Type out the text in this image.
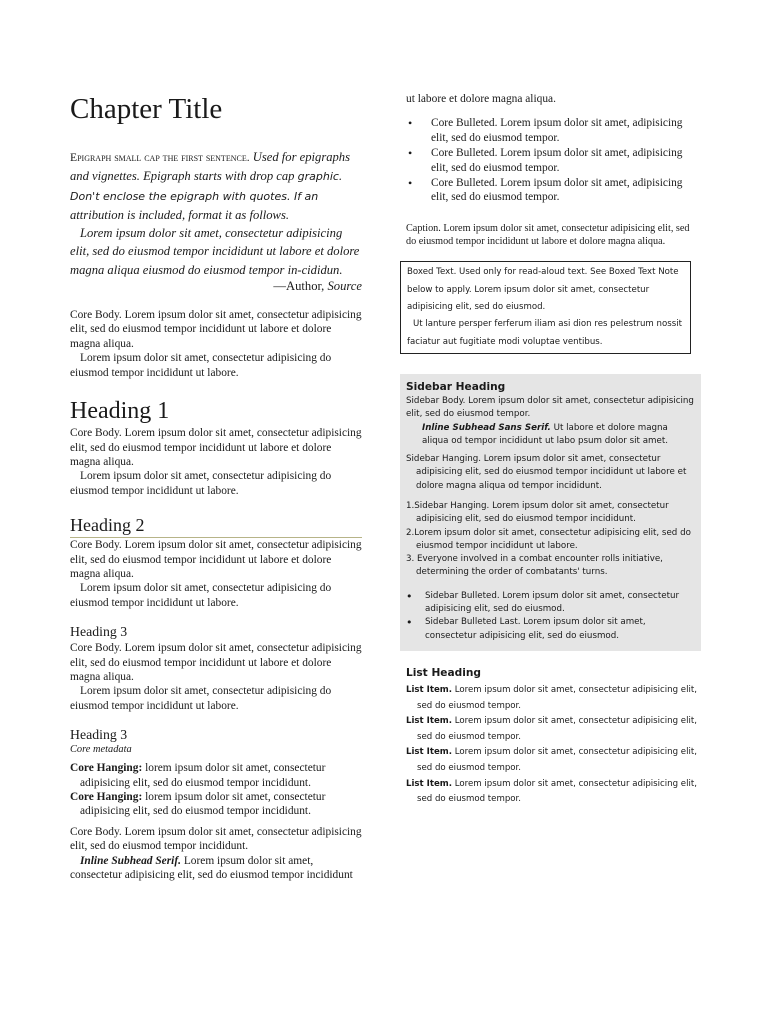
Chapter Title

Epigraph small cap the first sentence. Used for epigraphs and vignettes. Epigraph starts with drop cap graphic. Don't enclose the epigraph with quotes. If an attribution is included, format it as follows.

Lorem ipsum dolor sit amet, consectetur adipisicing elit, sed do eiusmod tempor incididunt ut labore et dolore magna aliqua eiusmod do eiusmod tempor in-cididun.

—Author, Source

Core Body. Lorem ipsum dolor sit amet, consectetur adipisicing elit, sed do eiusmod tempor incididunt ut labore et dolore magna aliqua.

Lorem ipsum dolor sit amet, consectetur adipisicing do eiusmod tempor incididunt ut labore.

Heading 1

Core Body. Lorem ipsum dolor sit amet, consectetur adipisicing elit, sed do eiusmod tempor incididunt ut labore et dolore magna aliqua.

Lorem ipsum dolor sit amet, consectetur adipisicing do eiusmod tempor incididunt ut labore.

Heading 2

Core Body. Lorem ipsum dolor sit amet, consectetur adipisicing elit, sed do eiusmod tempor incididunt ut labore et dolore magna aliqua.

Lorem ipsum dolor sit amet, consectetur adipisicing do eiusmod tempor incididunt ut labore.

Heading 3

Core Body. Lorem ipsum dolor sit amet, consectetur adipisicing elit, sed do eiusmod tempor incididunt ut labore et dolore magna aliqua.

Lorem ipsum dolor sit amet, consectetur adipisicing do eiusmod tempor incididunt ut labore.

Heading 3

Core metadata

Core Hanging: lorem ipsum dolor sit amet, consectetur adipisicing elit, sed do eiusmod tempor incididunt.

Core Hanging: lorem ipsum dolor sit amet, consectetur adipisicing elit, sed do eiusmod tempor incididunt.

Core Body. Lorem ipsum dolor sit amet, consectetur adipisicing elit, sed do eiusmod tempor incididunt.

Inline Subhead Serif. Lorem ipsum dolor sit amet, consectetur adipisicing elit, sed do eiusmod tempor incididunt

ut labore et dolore magna aliqua.

• Core Bulleted. Lorem ipsum dolor sit amet, adipisicing elit, sed do eiusmod tempor.
• Core Bulleted. Lorem ipsum dolor sit amet, adipisicing elit, sed do eiusmod tempor.
• Core Bulleted. Lorem ipsum dolor sit amet, adipisicing elit, sed do eiusmod tempor.

Caption. Lorem ipsum dolor sit amet, consectetur adipisicing elit, sed do eiusmod tempor incididunt ut labore et dolore magna aliqua.

Boxed Text. Used only for read-aloud text. See Boxed Text Note below to apply. Lorem ipsum dolor sit amet, consectetur adipisicing elit, sed do eiusmod.

Ut lanture persper ferferum iliam asi dion res pelestrum nossit faciatur aut fugitiate modi voluptae ventibus.

Sidebar Heading

Sidebar Body. Lorem ipsum dolor sit amet, consectetur adipisicing elit, sed do eiusmod tempor.

Inline Subhead Sans Serif. Ut labore et dolore magna aliqua od tempor incididunt ut labo psum dolor sit amet.

Sidebar Hanging. Lorem ipsum dolor sit amet, consectetur adipisicing elit, sed do eiusmod tempor incididunt ut labore et dolore magna aliqua od tempor incididunt.

1.Sidebar Hanging. Lorem ipsum dolor sit amet, consectetur adipisicing elit, sed do eiusmod tempor incididunt.

2.Lorem ipsum dolor sit amet, consectetur adipisicing elit, sed do eiusmod tempor incididunt ut labore.

3. Everyone involved in a combat encounter rolls initiative, determining the order of combatants' turns.

• Sidebar Bulleted. Lorem ipsum dolor sit amet, consectetur adipisicing elit, sed do eiusmod.
• Sidebar Bulleted Last. Lorem ipsum dolor sit amet, consectetur adipisicing elit, sed do eiusmod.

List Heading

List Item. Lorem ipsum dolor sit amet, consectetur adipisicing elit, sed do eiusmod tempor.

List Item. Lorem ipsum dolor sit amet, consectetur adipisicing elit, sed do eiusmod tempor.

List Item. Lorem ipsum dolor sit amet, consectetur adipisicing elit, sed do eiusmod tempor.

List Item. Lorem ipsum dolor sit amet, consectetur adipisicing elit, sed do eiusmod tempor.
